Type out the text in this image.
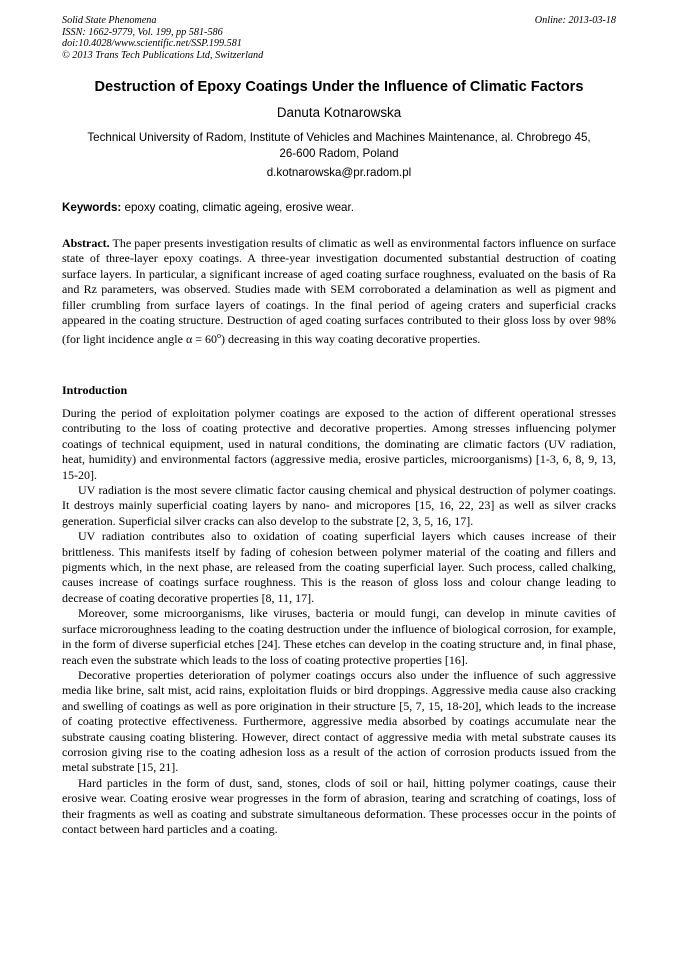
Solid State Phenomena
ISSN: 1662-9779, Vol. 199, pp 581-586
doi:10.4028/www.scientific.net/SSP.199.581
© 2013 Trans Tech Publications Ltd, Switzerland
Online: 2013-03-18
Destruction of Epoxy Coatings Under the Influence of Climatic Factors
Danuta Kotnarowska
Technical University of Radom, Institute of Vehicles and Machines Maintenance, al. Chrobrego 45,
26-600 Radom, Poland
d.kotnarowska@pr.radom.pl
Keywords: epoxy coating, climatic ageing, erosive wear.

Abstract. The paper presents investigation results of climatic as well as environmental factors influence on surface state of three-layer epoxy coatings. A three-year investigation documented substantial destruction of coating surface layers. In particular, a significant increase of aged coating surface roughness, evaluated on the basis of Ra and Rz parameters, was observed. Studies made with SEM corroborated a delamination as well as pigment and filler crumbling from surface layers of coatings. In the final period of ageing craters and superficial cracks appeared in the coating structure. Destruction of aged coating surfaces contributed to their gloss loss by over 98% (for light incidence angle $\alpha = 60^o$) decreasing in this way coating decorative properties.

Introduction

During the period of exploitation polymer coatings are exposed to the action of different operational stresses contributing to the loss of coating protective and decorative properties. Among stresses influencing polymer coatings of technical equipment, used in natural conditions, the dominating are climatic factors (UV radiation, heat, humidity) and environmental factors (aggressive media, erosive particles, microorganisms) [1-3, 6, 8, 9, 13, 15-20].

UV radiation is the most severe climatic factor causing chemical and physical destruction of polymer coatings. It destroys mainly superficial coating layers by nano- and micropores [15, 16, 22, 23] as well as silver cracks generation. Superficial silver cracks can also develop to the substrate [2, 3, 5, 16, 17].

UV radiation contributes also to oxidation of coating superficial layers which causes increase of their brittleness. This manifests itself by fading of cohesion between polymer material of the coating and fillers and pigments which, in the next phase, are released from the coating superficial layer. Such process, called chalking, causes increase of coatings surface roughness. This is the reason of gloss loss and colour change leading to decrease of coating decorative properties [8, 11, 17].

Moreover, some microorganisms, like viruses, bacteria or mould fungi, can develop in minute cavities of surface microroughness leading to the coating destruction under the influence of biological corrosion, for example, in the form of diverse superficial etches [24]. These etches can develop in the coating structure and, in final phase, reach even the substrate which leads to the loss of coating protective properties [16].

Decorative properties deterioration of polymer coatings occurs also under the influence of such aggressive media like brine, salt mist, acid rains, exploitation fluids or bird droppings. Aggressive media cause also cracking and swelling of coatings as well as pore origination in their structure [5, 7, 15, 18-20], which leads to the increase of coating protective effectiveness. Furthermore, aggressive media absorbed by coatings accumulate near the substrate causing coating blistering. However, direct contact of aggressive media with metal substrate causes its corrosion giving rise to the coating adhesion loss as a result of the action of corrosion products issued from the metal substrate [15, 21].

Hard particles in the form of dust, sand, stones, clods of soil or hail, hitting polymer coatings, cause their erosive wear. Coating erosive wear progresses in the form of abrasion, tearing and scratching of coatings, loss of their fragments as well as coating and substrate simultaneous deformation. These processes occur in the points of contact between hard particles and a coating.
